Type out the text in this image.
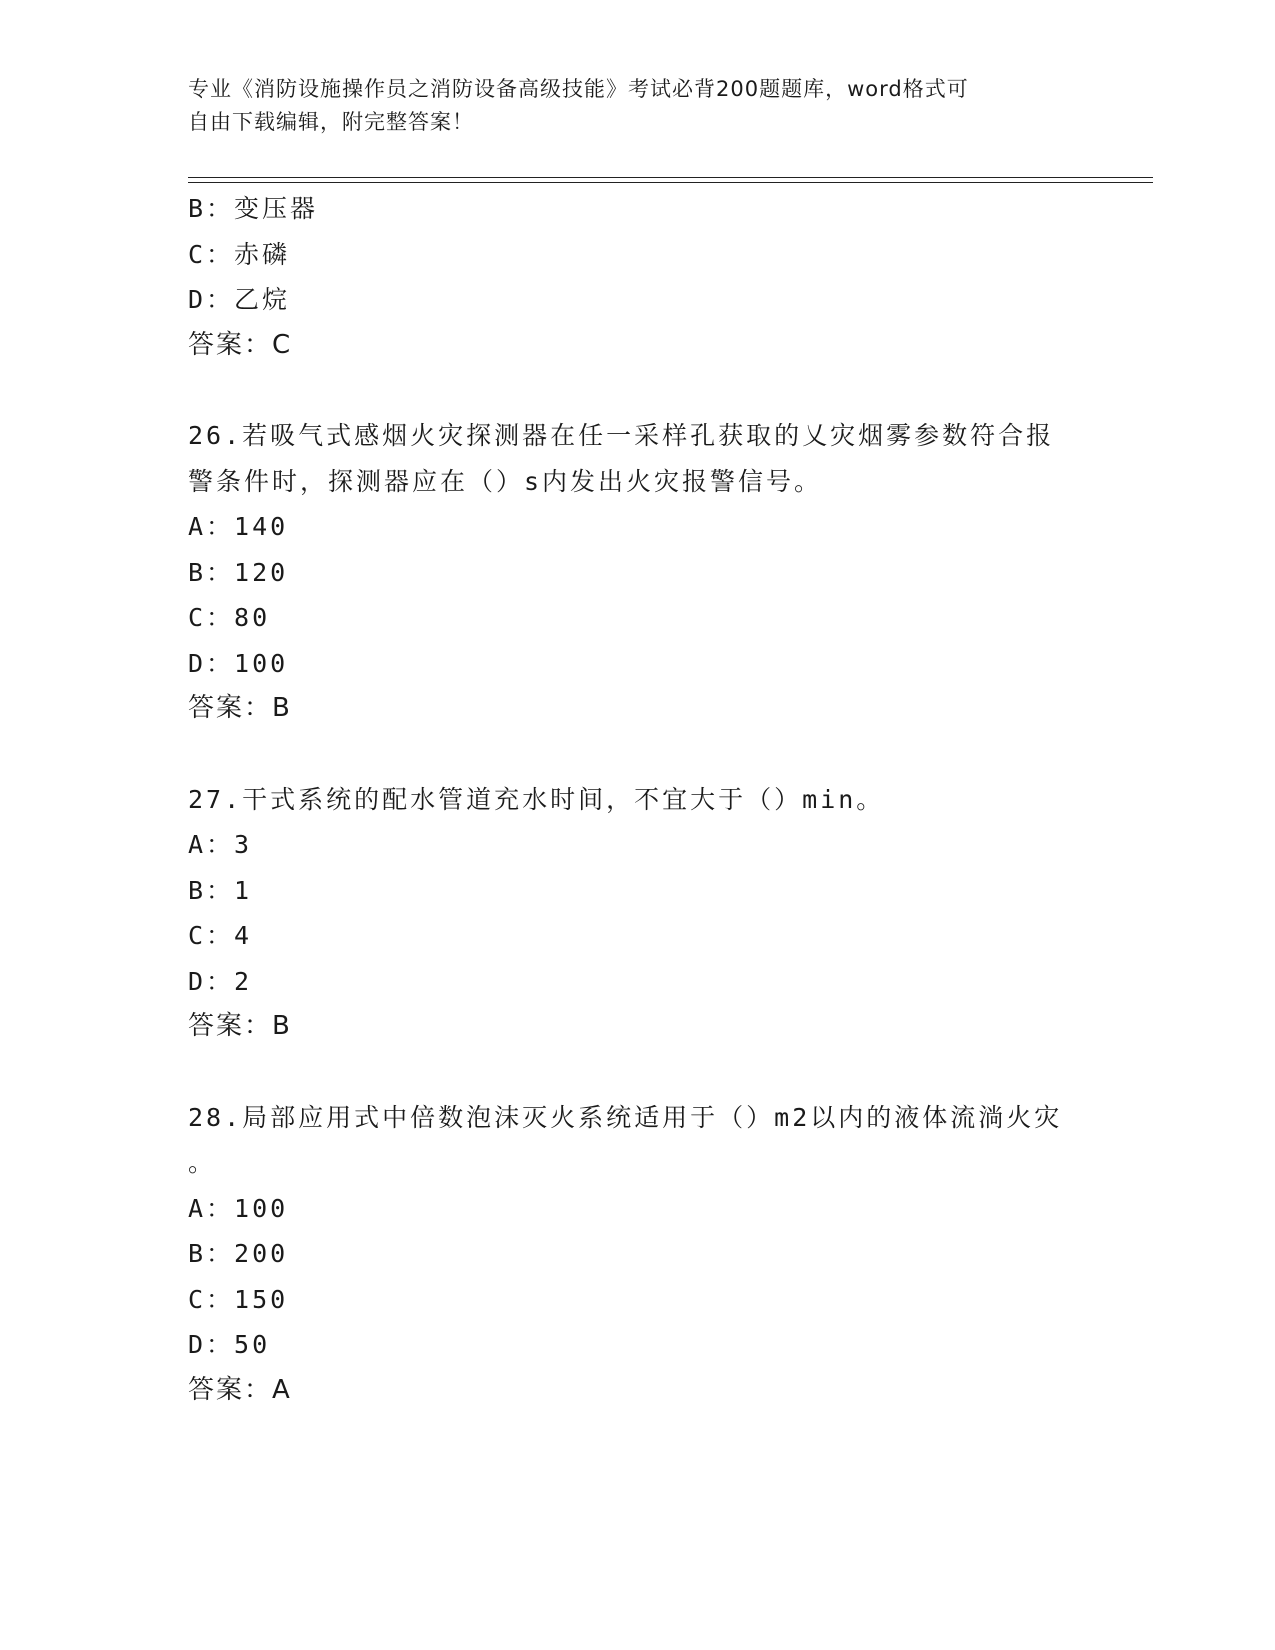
专业《消防设施操作员之消防设备高级技能》考试必背200题题库，word格式可
自由下载编辑，附完整答案！
B：变压器
C：赤磷
D：乙烷
答案：C
26.若吸气式感烟火灾探测器在任一采样孔获取的乂灾烟雾参数符合报
警条件时，探测器应在（）s内发出火灾报警信号。
A：140
B：120
C：80
D：100
答案：B
27.干式系统的配水管道充水时间，不宜大于（）min。
A：3
B：1
C：4
D：2
答案：B
28.局部应用式中倍数泡沫灭火系统适用于（）m2以内的液体流淌火灾
。
A：100
B：200
C：150
D：50
答案：A
